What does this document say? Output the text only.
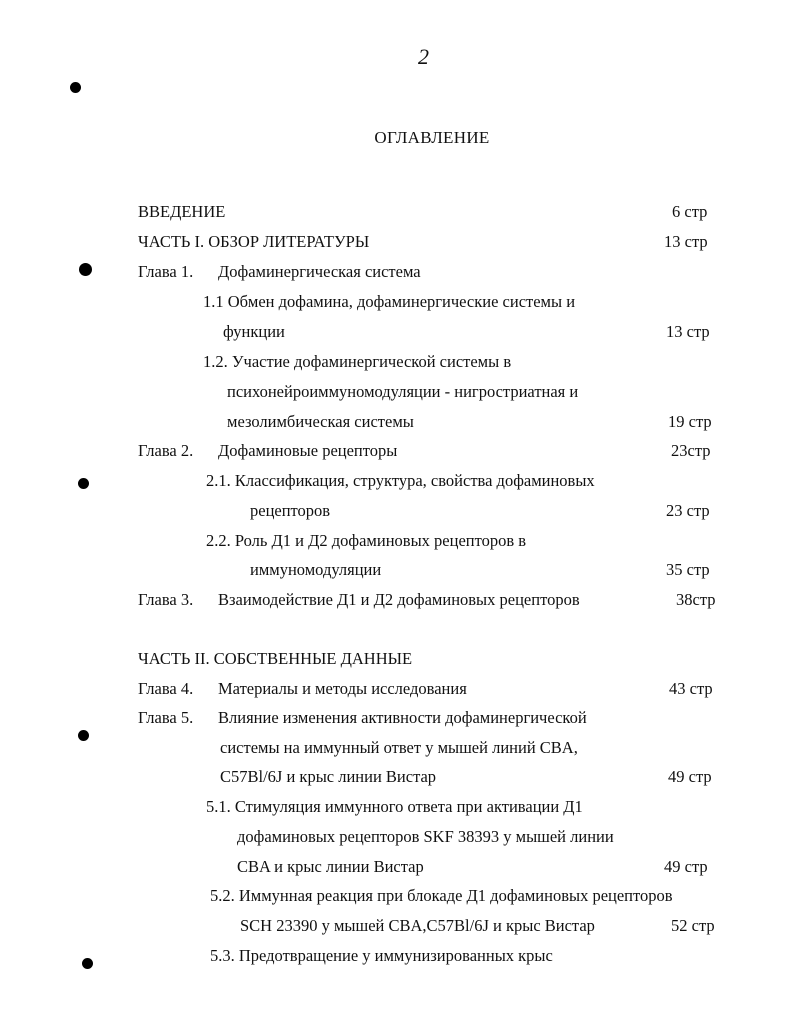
2
ОГЛАВЛЕНИЕ
ВВЕДЕНИЕ	6 стр
ЧАСТЬ I. ОБЗОР ЛИТЕРАТУРЫ	13 стр
Глава 1. Дофаминергическая система
1.1 Обмен дофамина, дофаминергические системы и
функции	13 стр
1.2. Участие дофаминергической системы в
психонейроиммуномодуляции - нигростриатная и
мезолимбическая системы	19 стр
Глава 2. Дофаминовые рецепторы	23стр
2.1. Классификация, структура, свойства дофаминовых
рецепторов	23 стр
2.2. Роль Д1 и Д2 дофаминовых рецепторов в
иммуномодуляции	35 стр
Глава 3. Взаимодействие Д1 и Д2 дофаминовых рецепторов	38стр
ЧАСТЬ II. СОБСТВЕННЫЕ ДАННЫЕ
Глава 4. Материалы и методы исследования	43 стр
Глава 5. Влияние изменения активности дофаминергической
системы на иммунный ответ у мышей линий CBA,
C57Bl/6J и крыс линии Вистар	49 стр
5.1. Стимуляция иммунного ответа при активации Д1
дофаминовых рецепторов SKF 38393 у мышей линии
CBA и крыс линии Вистар	49 стр
5.2. Иммунная реакция при блокаде Д1 дофаминовых рецепторов
SCH 23390 у мышей CBA,C57Bl/6J и крыс Вистар	52 стр
5.3. Предотвращение у иммунизированных крыс
